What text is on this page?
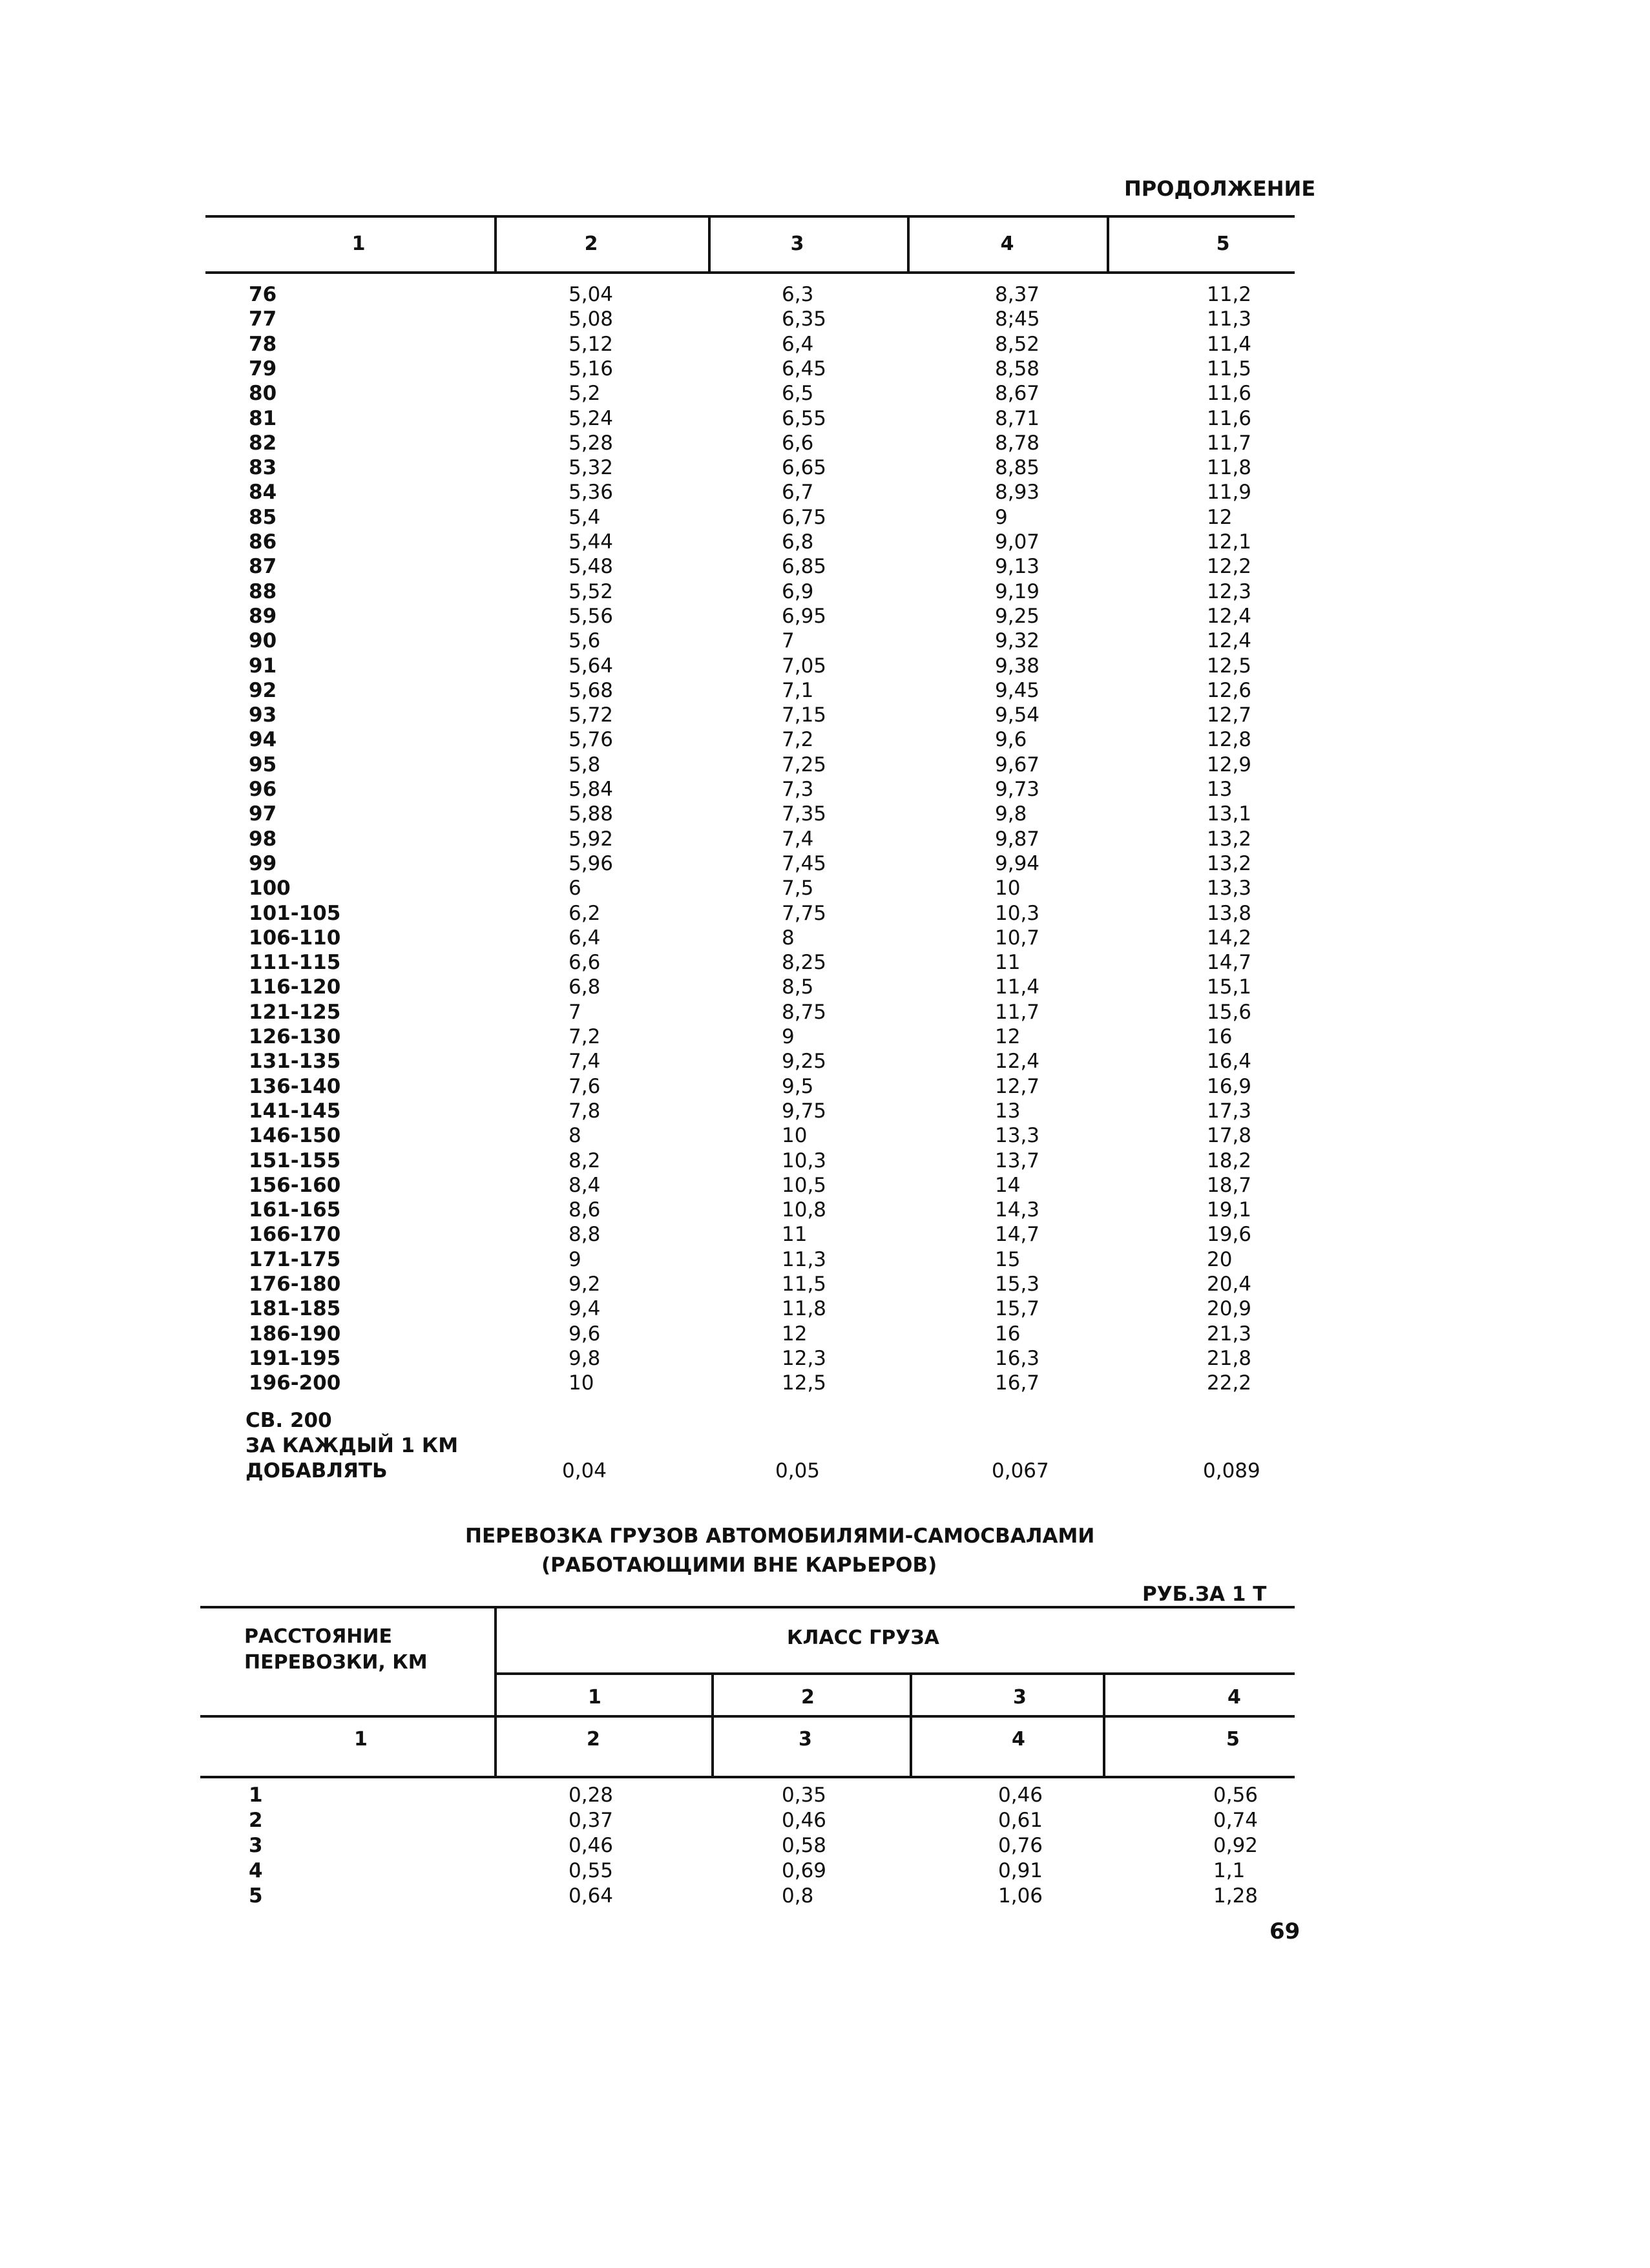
ПРОДОЛЖЕНИЕ
1	2	3	4	5
76	5,04	6,3	8,37	11,2
77	5,08	6,35	8;45	11,3
78	5,12	6,4	8,52	11,4
79	5,16	6,45	8,58	11,5
80	5,2	6,5	8,67	11,6
81	5,24	6,55	8,71	11,6
82	5,28	6,6	8,78	11,7
83	5,32	6,65	8,85	11,8
84	5,36	6,7	8,93	11,9
85	5,4	6,75	9	12
86	5,44	6,8	9,07	12,1
87	5,48	6,85	9,13	12,2
88	5,52	6,9	9,19	12,3
89	5,56	6,95	9,25	12,4
90	5,6	7	9,32	12,4
91	5,64	7,05	9,38	12,5
92	5,68	7,1	9,45	12,6
93	5,72	7,15	9,54	12,7
94	5,76	7,2	9,6	12,8
95	5,8	7,25	9,67	12,9
96	5,84	7,3	9,73	13
97	5,88	7,35	9,8	13,1
98	5,92	7,4	9,87	13,2
99	5,96	7,45	9,94	13,2
100	6	7,5	10	13,3
101-105	6,2	7,75	10,3	13,8
106-110	6,4	8	10,7	14,2
111-115	6,6	8,25	11	14,7
116-120	6,8	8,5	11,4	15,1
121-125	7	8,75	11,7	15,6
126-130	7,2	9	12	16
131-135	7,4	9,25	12,4	16,4
136-140	7,6	9,5	12,7	16,9
141-145	7,8	9,75	13	17,3
146-150	8	10	13,3	17,8
151-155	8,2	10,3	13,7	18,2
156-160	8,4	10,5	14	18,7
161-165	8,6	10,8	14,3	19,1
166-170	8,8	11	14,7	19,6
171-175	9	11,3	15	20
176-180	9,2	11,5	15,3	20,4
181-185	9,4	11,8	15,7	20,9
186-190	9,6	12	16	21,3
191-195	9,8	12,3	16,3	21,8
196-200	10	12,5	16,7	22,2
СВ. 200
ЗА КАЖДЫЙ 1 КМ
ДОБАВЛЯТЬ	0,04	0,05	0,067	0,089
ПЕРЕВОЗКА ГРУЗОВ АВТОМОБИЛЯМИ-САМОСВАЛАМИ
(РАБОТАЮЩИМИ ВНЕ КАРЬЕРОВ)
РУБ.ЗА 1 Т
РАССТОЯНИЕ
ПЕРЕВОЗКИ, КМ
КЛАСС ГРУЗА
1	2	3	4
1	2	3	4	5
1	0,28	0,35	0,46	0,56
2	0,37	0,46	0,61	0,74
3	0,46	0,58	0,76	0,92
4	0,55	0,69	0,91	1,1
5	0,64	0,8	1,06	1,28
69
